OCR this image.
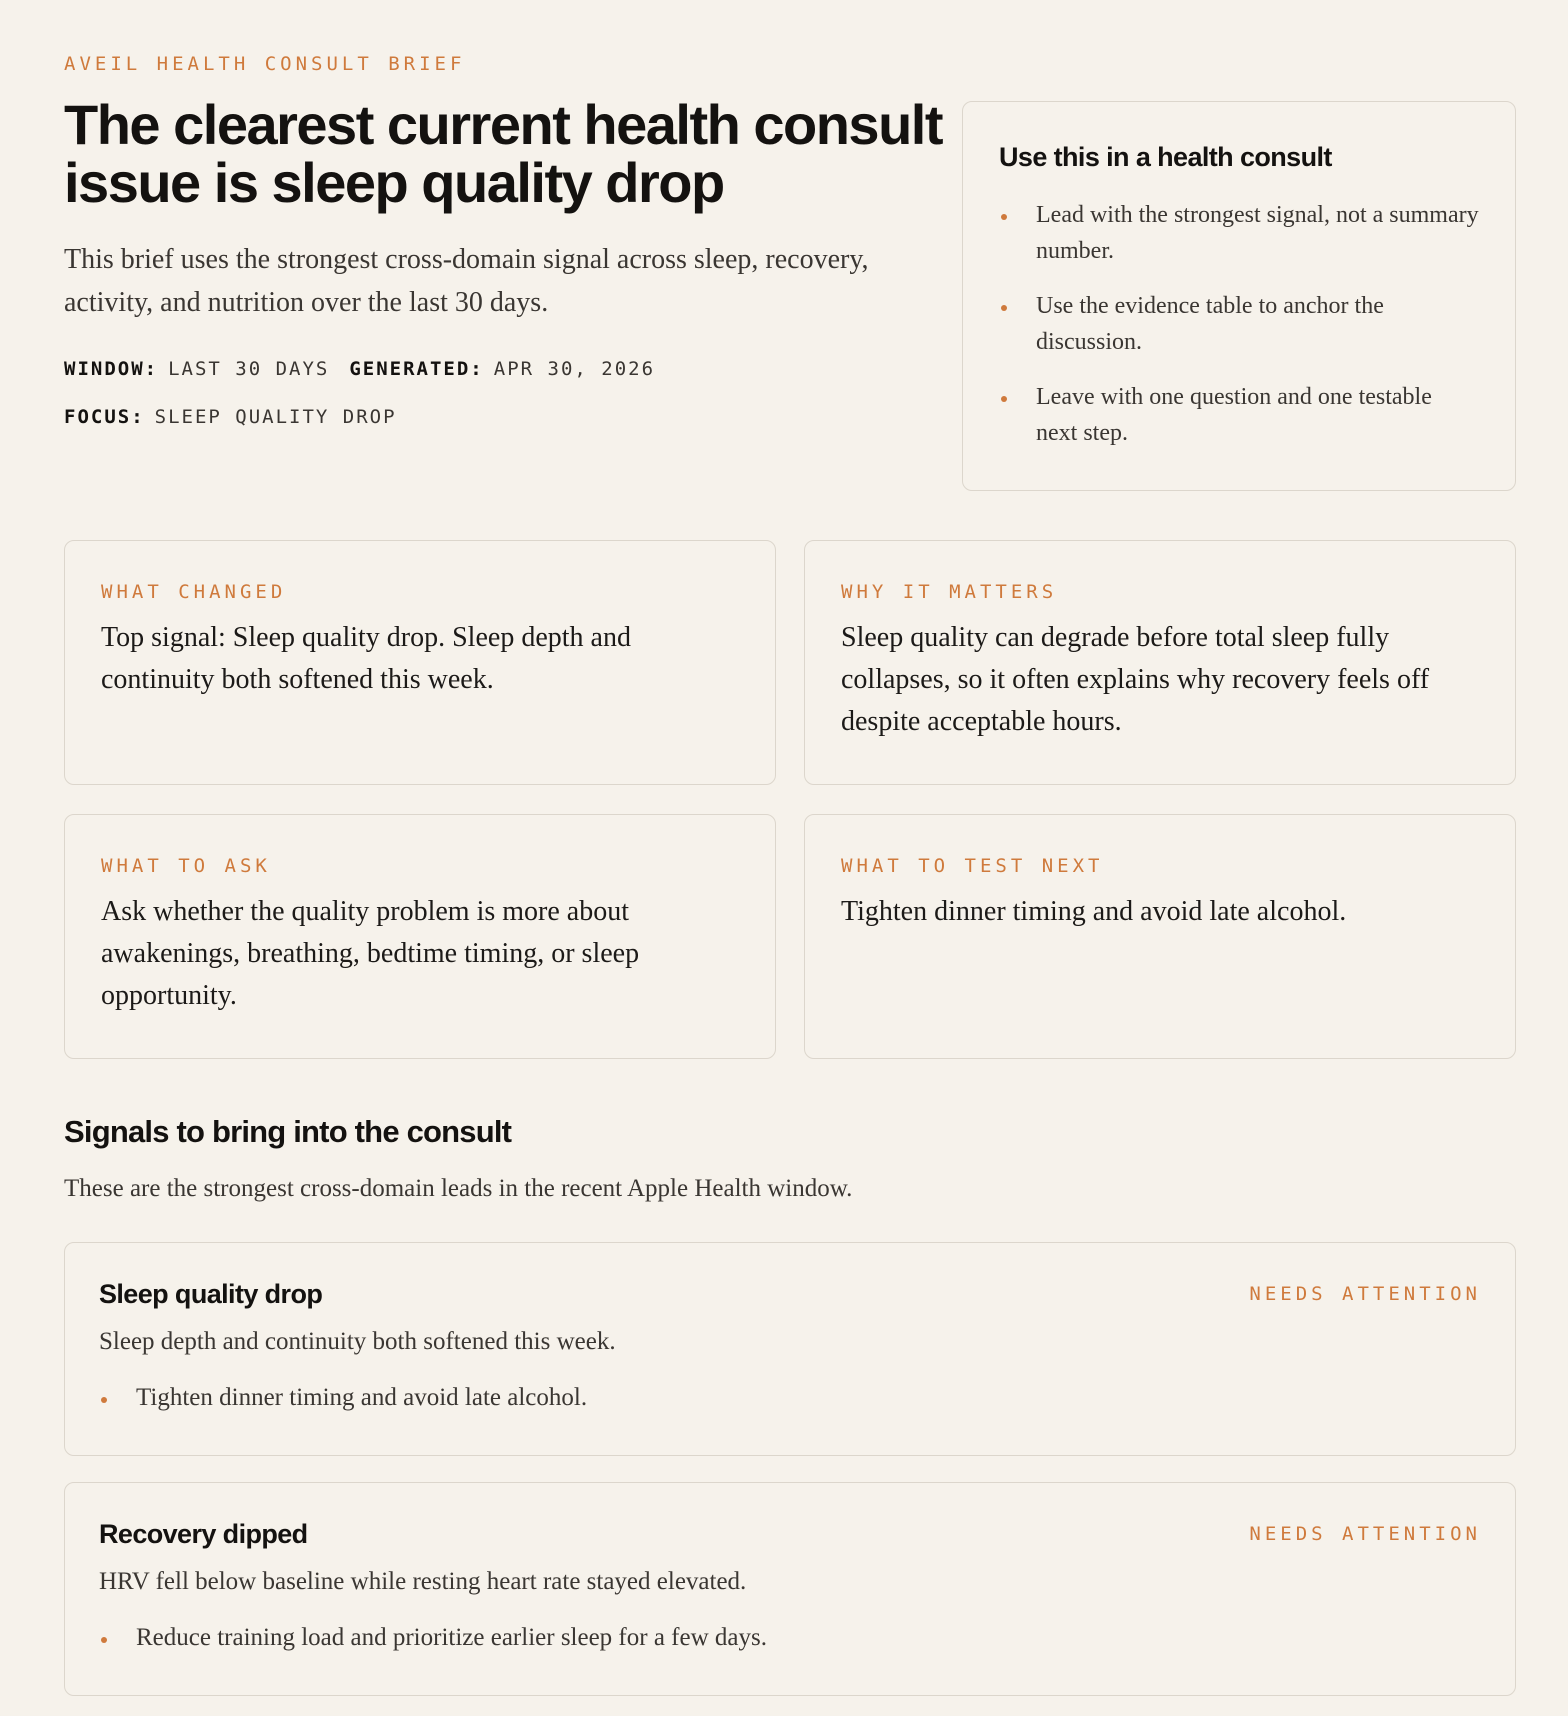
AVEIL HEALTH CONSULT BRIEF
The clearest current health consult issue is sleep quality drop

This brief uses the strongest cross-domain signal across sleep, recovery, activity, and nutrition over the last 30 days.

WINDOW: LAST 30 DAYS GENERATED: APR 30, 2026
FOCUS: SLEEP QUALITY DROP
Use this in a health consult
Lead with the strongest signal, not a summary number.
Use the evidence table to anchor the discussion.
Leave with one question and one testable next step.
WHAT CHANGED
Top signal: Sleep quality drop. Sleep depth and continuity both softened this week.
WHY IT MATTERS
Sleep quality can degrade before total sleep fully collapses, so it often explains why recovery feels off despite acceptable hours.
WHAT TO ASK
Ask whether the quality problem is more about awakenings, breathing, bedtime timing, or sleep opportunity.
WHAT TO TEST NEXT
Tighten dinner timing and avoid late alcohol.
Signals to bring into the consult

These are the strongest cross-domain leads in the recent Apple Health window.

Sleep quality drop	NEEDS ATTENTION

Sleep depth and continuity both softened this week.

Tighten dinner timing and avoid late alcohol.
Recovery dipped	NEEDS ATTENTION

HRV fell below baseline while resting heart rate stayed elevated.

Reduce training load and prioritize earlier sleep for a few days.
